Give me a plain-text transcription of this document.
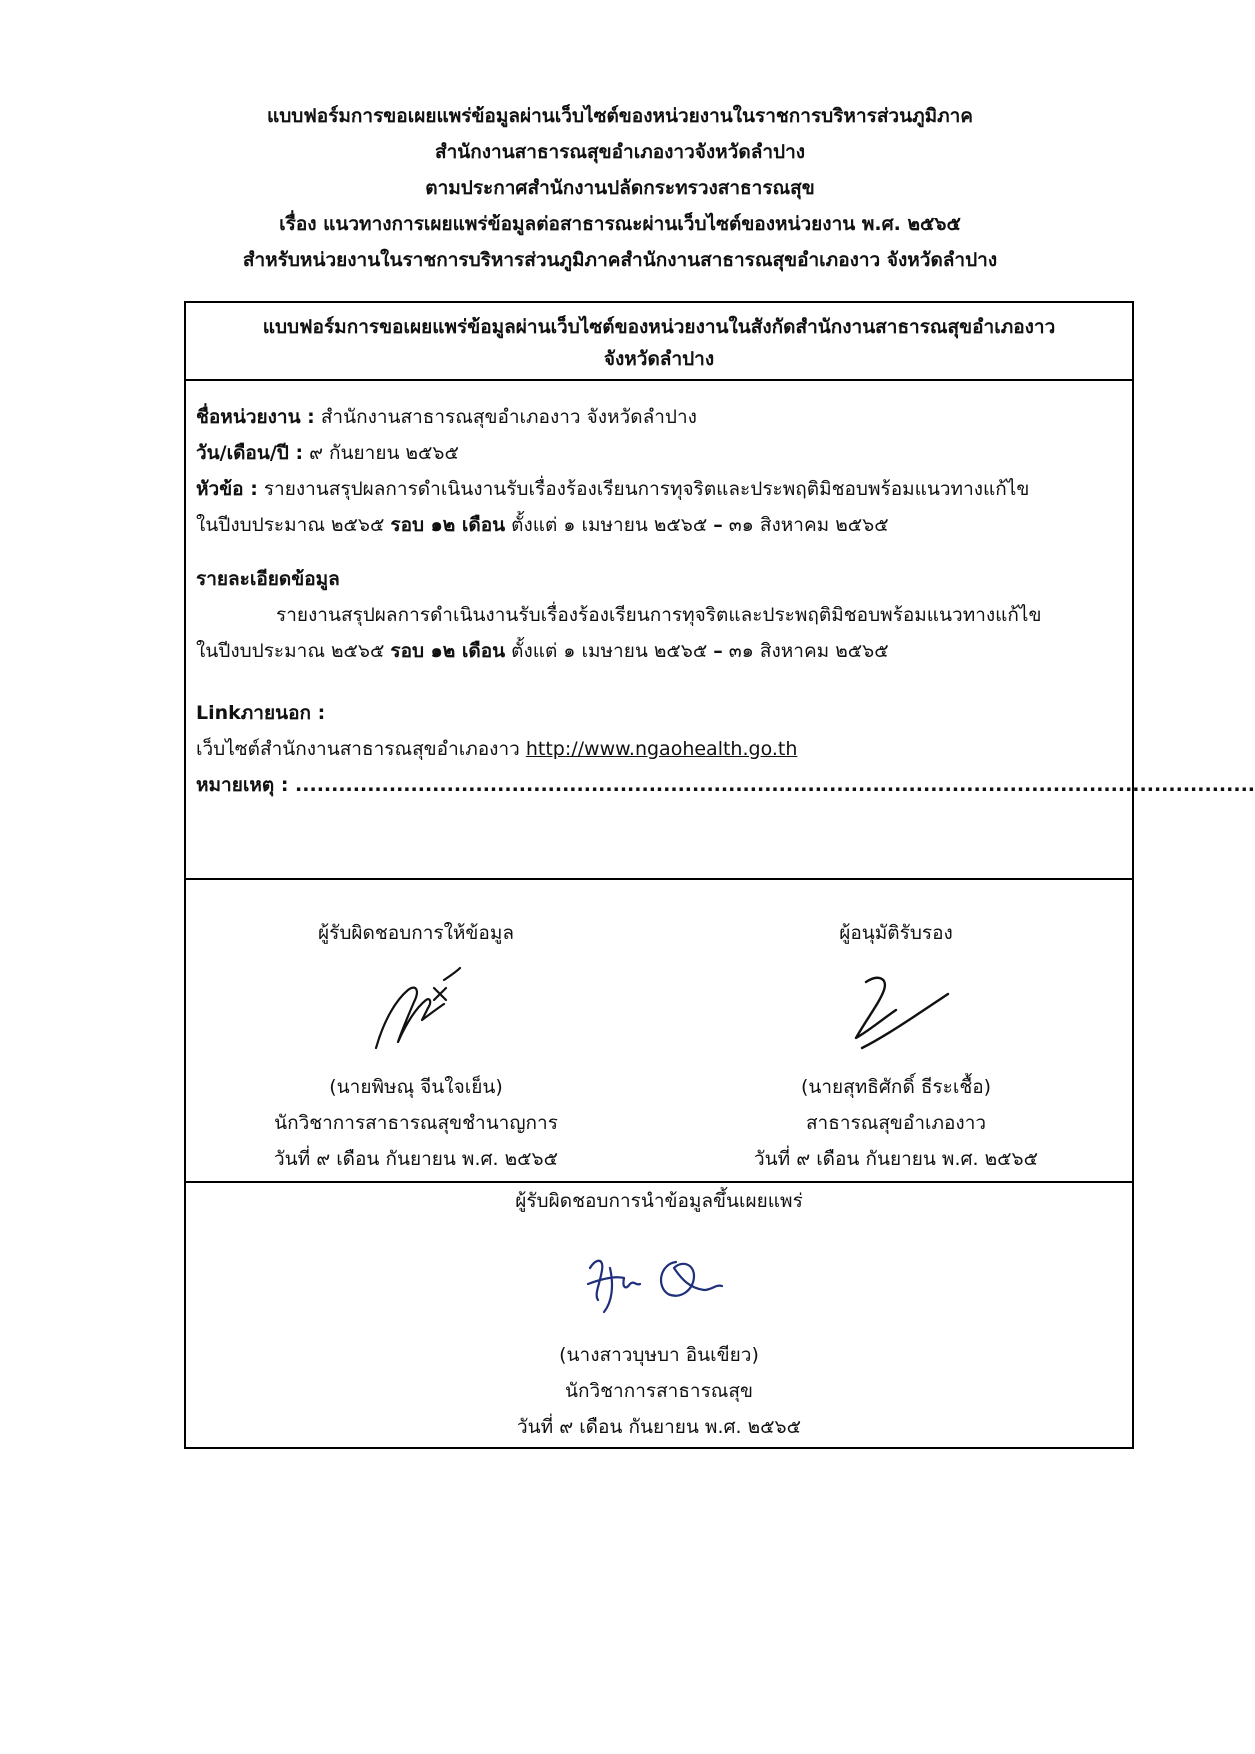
แบบฟอร์มการขอเผยแพร่ข้อมูลผ่านเว็บไซต์ของหน่วยงานในราชการบริหารส่วนภูมิภาค
สำนักงานสาธารณสุขอำเภองาวจังหวัดลำปาง
ตามประกาศสำนักงานปลัดกระทรวงสาธารณสุข
เรื่อง แนวทางการเผยแพร่ข้อมูลต่อสาธารณะผ่านเว็บไซต์ของหน่วยงาน พ.ศ. ๒๕๖๕
สำหรับหน่วยงานในราชการบริหารส่วนภูมิภาคสำนักงานสาธารณสุขอำเภองาว จังหวัดลำปาง
แบบฟอร์มการขอเผยแพร่ข้อมูลผ่านเว็บไซต์ของหน่วยงานในสังกัดสำนักงานสาธารณสุขอำเภองาว
จังหวัดลำปาง
ชื่อหน่วยงาน : สำนักงานสาธารณสุขอำเภองาว จังหวัดลำปาง
วัน/เดือน/ปี : ๙ กันยายน ๒๕๖๕
หัวข้อ : รายงานสรุปผลการดำเนินงานรับเรื่องร้องเรียนการทุจริตและประพฤติมิชอบพร้อมแนวทางแก้ไข
ในปีงบประมาณ ๒๕๖๕ รอบ ๑๒ เดือน ตั้งแต่ ๑ เมษายน ๒๕๖๕ – ๓๑ สิงหาคม ๒๕๖๕
รายละเอียดข้อมูล
รายงานสรุปผลการดำเนินงานรับเรื่องร้องเรียนการทุจริตและประพฤติมิชอบพร้อมแนวทางแก้ไข
ในปีงบประมาณ ๒๕๖๕ รอบ ๑๒ เดือน ตั้งแต่ ๑ เมษายน ๒๕๖๕ – ๓๑ สิงหาคม ๒๕๖๕
Linkภายนอก :
เว็บไซต์สำนักงานสาธารณสุขอำเภองาว http://www.ngaohealth.go.th
หมายเหตุ : .....................................................................................................................................
ผู้รับผิดชอบการให้ข้อมูล
(นายพิษณุ จีนใจเย็น)
นักวิชาการสาธารณสุขชำนาญการ
วันที่ ๙ เดือน กันยายน พ.ศ. ๒๕๖๕
ผู้อนุมัติรับรอง
(นายสุทธิศักดิ์ ธีระเชื้อ)
สาธารณสุขอำเภองาว
วันที่ ๙ เดือน กันยายน พ.ศ. ๒๕๖๕
ผู้รับผิดชอบการนำข้อมูลขึ้นเผยแพร่
(นางสาวบุษบา อินเขียว)
นักวิชาการสาธารณสุข
วันที่ ๙ เดือน กันยายน พ.ศ. ๒๕๖๕
